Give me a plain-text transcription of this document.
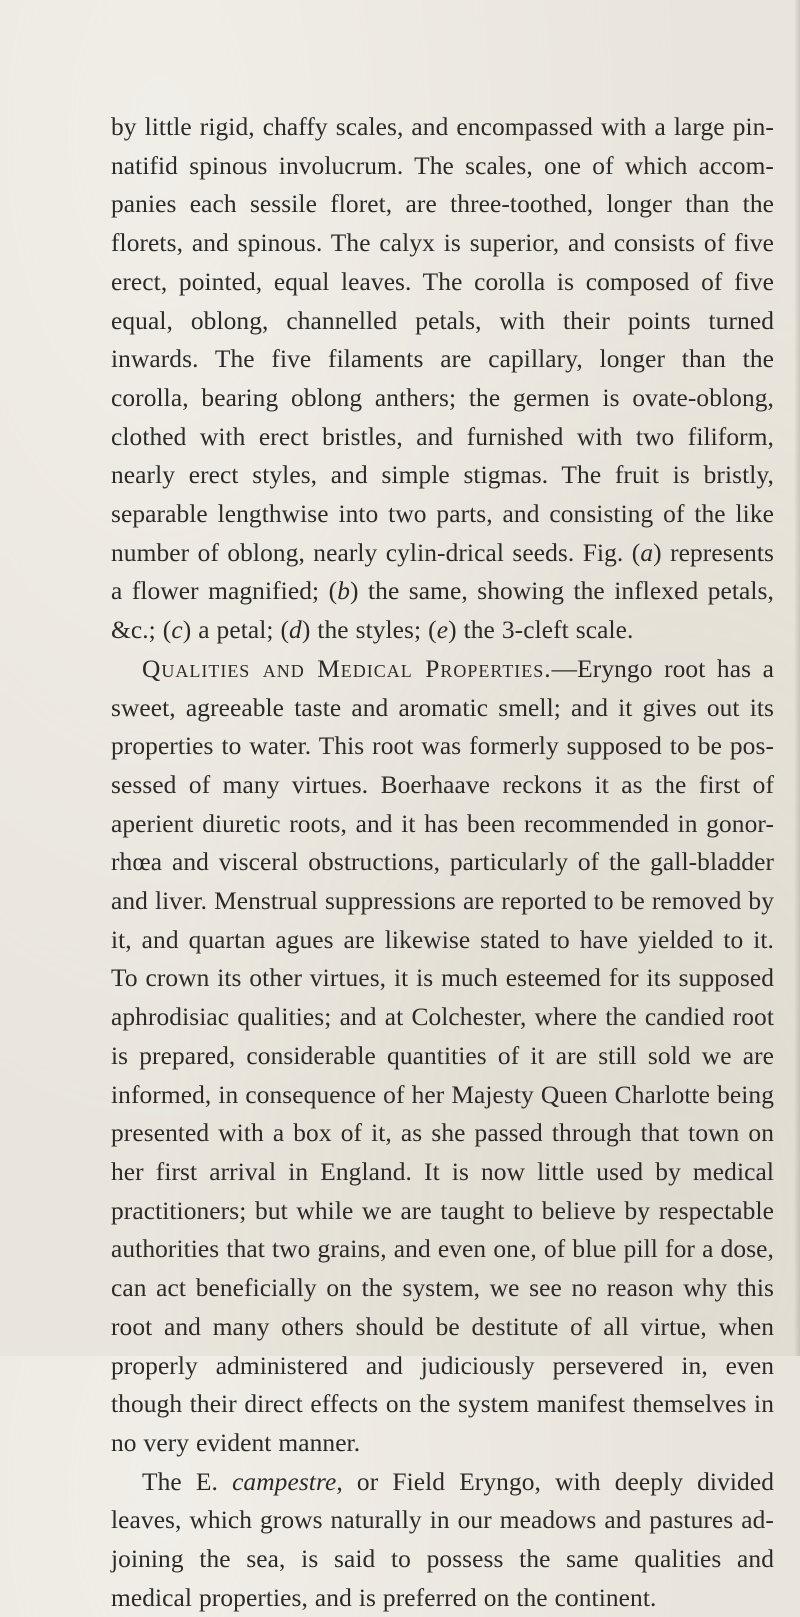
by little rigid, chaffy scales, and encompassed with a large pin-natifid spinous involucrum. The scales, one of which accom-panies each sessile floret, are three-toothed, longer than the florets, and spinous. The calyx is superior, and consists of five erect, pointed, equal leaves. The corolla is composed of five equal, oblong, channelled petals, with their points turned inwards. The five filaments are capillary, longer than the corolla, bearing oblong anthers; the germen is ovate-oblong, clothed with erect bristles, and furnished with two filiform, nearly erect styles, and simple stigmas. The fruit is bristly, separable lengthwise into two parts, and consisting of the like number of oblong, nearly cylin-drical seeds. Fig. (a) represents a flower magnified; (b) the same, showing the inflexed petals, &c.; (c) a petal; (d) the styles; (e) the 3-cleft scale.

Qualities and Medical Properties.—Eryngo root has a sweet, agreeable taste and aromatic smell; and it gives out its properties to water. This root was formerly supposed to be pos-sessed of many virtues. Boerhaave reckons it as the first of aperient diuretic roots, and it has been recommended in gonor-rhœa and visceral obstructions, particularly of the gall-bladder and liver. Menstrual suppressions are reported to be removed by it, and quartan agues are likewise stated to have yielded to it. To crown its other virtues, it is much esteemed for its supposed aphrodisiac qualities; and at Colchester, where the candied root is prepared, considerable quantities of it are still sold we are informed, in consequence of her Majesty Queen Charlotte being presented with a box of it, as she passed through that town on her first arrival in England. It is now little used by medical practitioners; but while we are taught to believe by respectable authorities that two grains, and even one, of blue pill for a dose, can act beneficially on the system, we see no reason why this root and many others should be destitute of all virtue, when properly administered and judiciously persevered in, even though their direct effects on the system manifest themselves in no very evident manner.

The E. campestre, or Field Eryngo, with deeply divided leaves, which grows naturally in our meadows and pastures ad-joining the sea, is said to possess the same qualities and medical properties, and is preferred on the continent.
